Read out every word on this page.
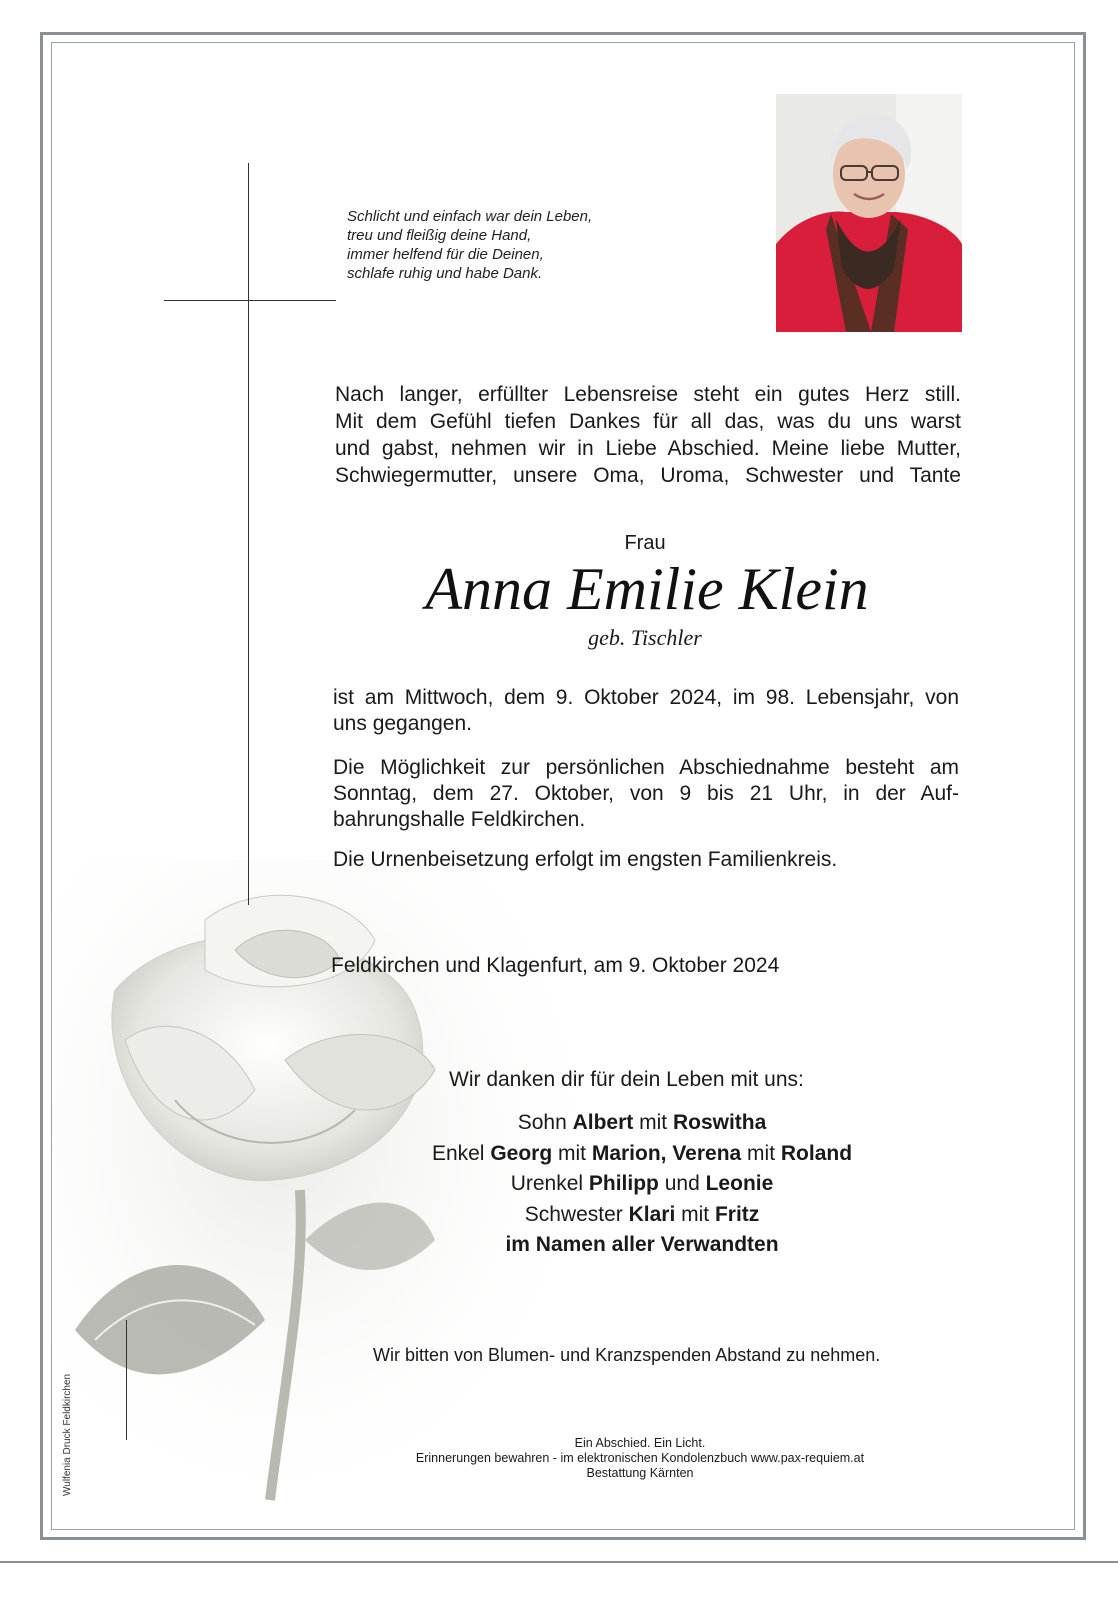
Schlicht und einfach war dein Leben,
treu und fleißig deine Hand,
immer helfend für die Deinen,
schlafe ruhig und habe Dank.
Nach langer, erfüllter Lebensreise steht ein gutes Herz still.
Mit dem Gefühl tiefen Dankes für all das, was du uns warst
und gabst, nehmen wir in Liebe Abschied. Meine liebe Mutter,
Schwiegermutter, unsere Oma, Uroma, Schwester und Tante
Frau
Anna Emilie Klein
geb. Tischler
ist am Mittwoch, dem 9. Oktober 2024, im 98. Lebensjahr, von
uns gegangen.
Die Möglichkeit zur persönlichen Abschiednahme besteht am
Sonntag, dem 27. Oktober, von 9 bis 21 Uhr, in der Auf-
bahrungshalle Feldkirchen.
Die Urnenbeisetzung erfolgt im engsten Familienkreis.
Feldkirchen und Klagenfurt, am 9. Oktober 2024
Wir danken dir für dein Leben mit uns:
Sohn Albert mit Roswitha
Enkel Georg mit Marion, Verena mit Roland
Urenkel Philipp und Leonie
Schwester Klari mit Fritz
im Namen aller Verwandten
Wir bitten von Blumen- und Kranzspenden Abstand zu nehmen.
Ein Abschied. Ein Licht.
Erinnerungen bewahren - im elektronischen Kondolenzbuch www.pax-requiem.at
Bestattung Kärnten
Wulfenia Druck Feldkirchen
